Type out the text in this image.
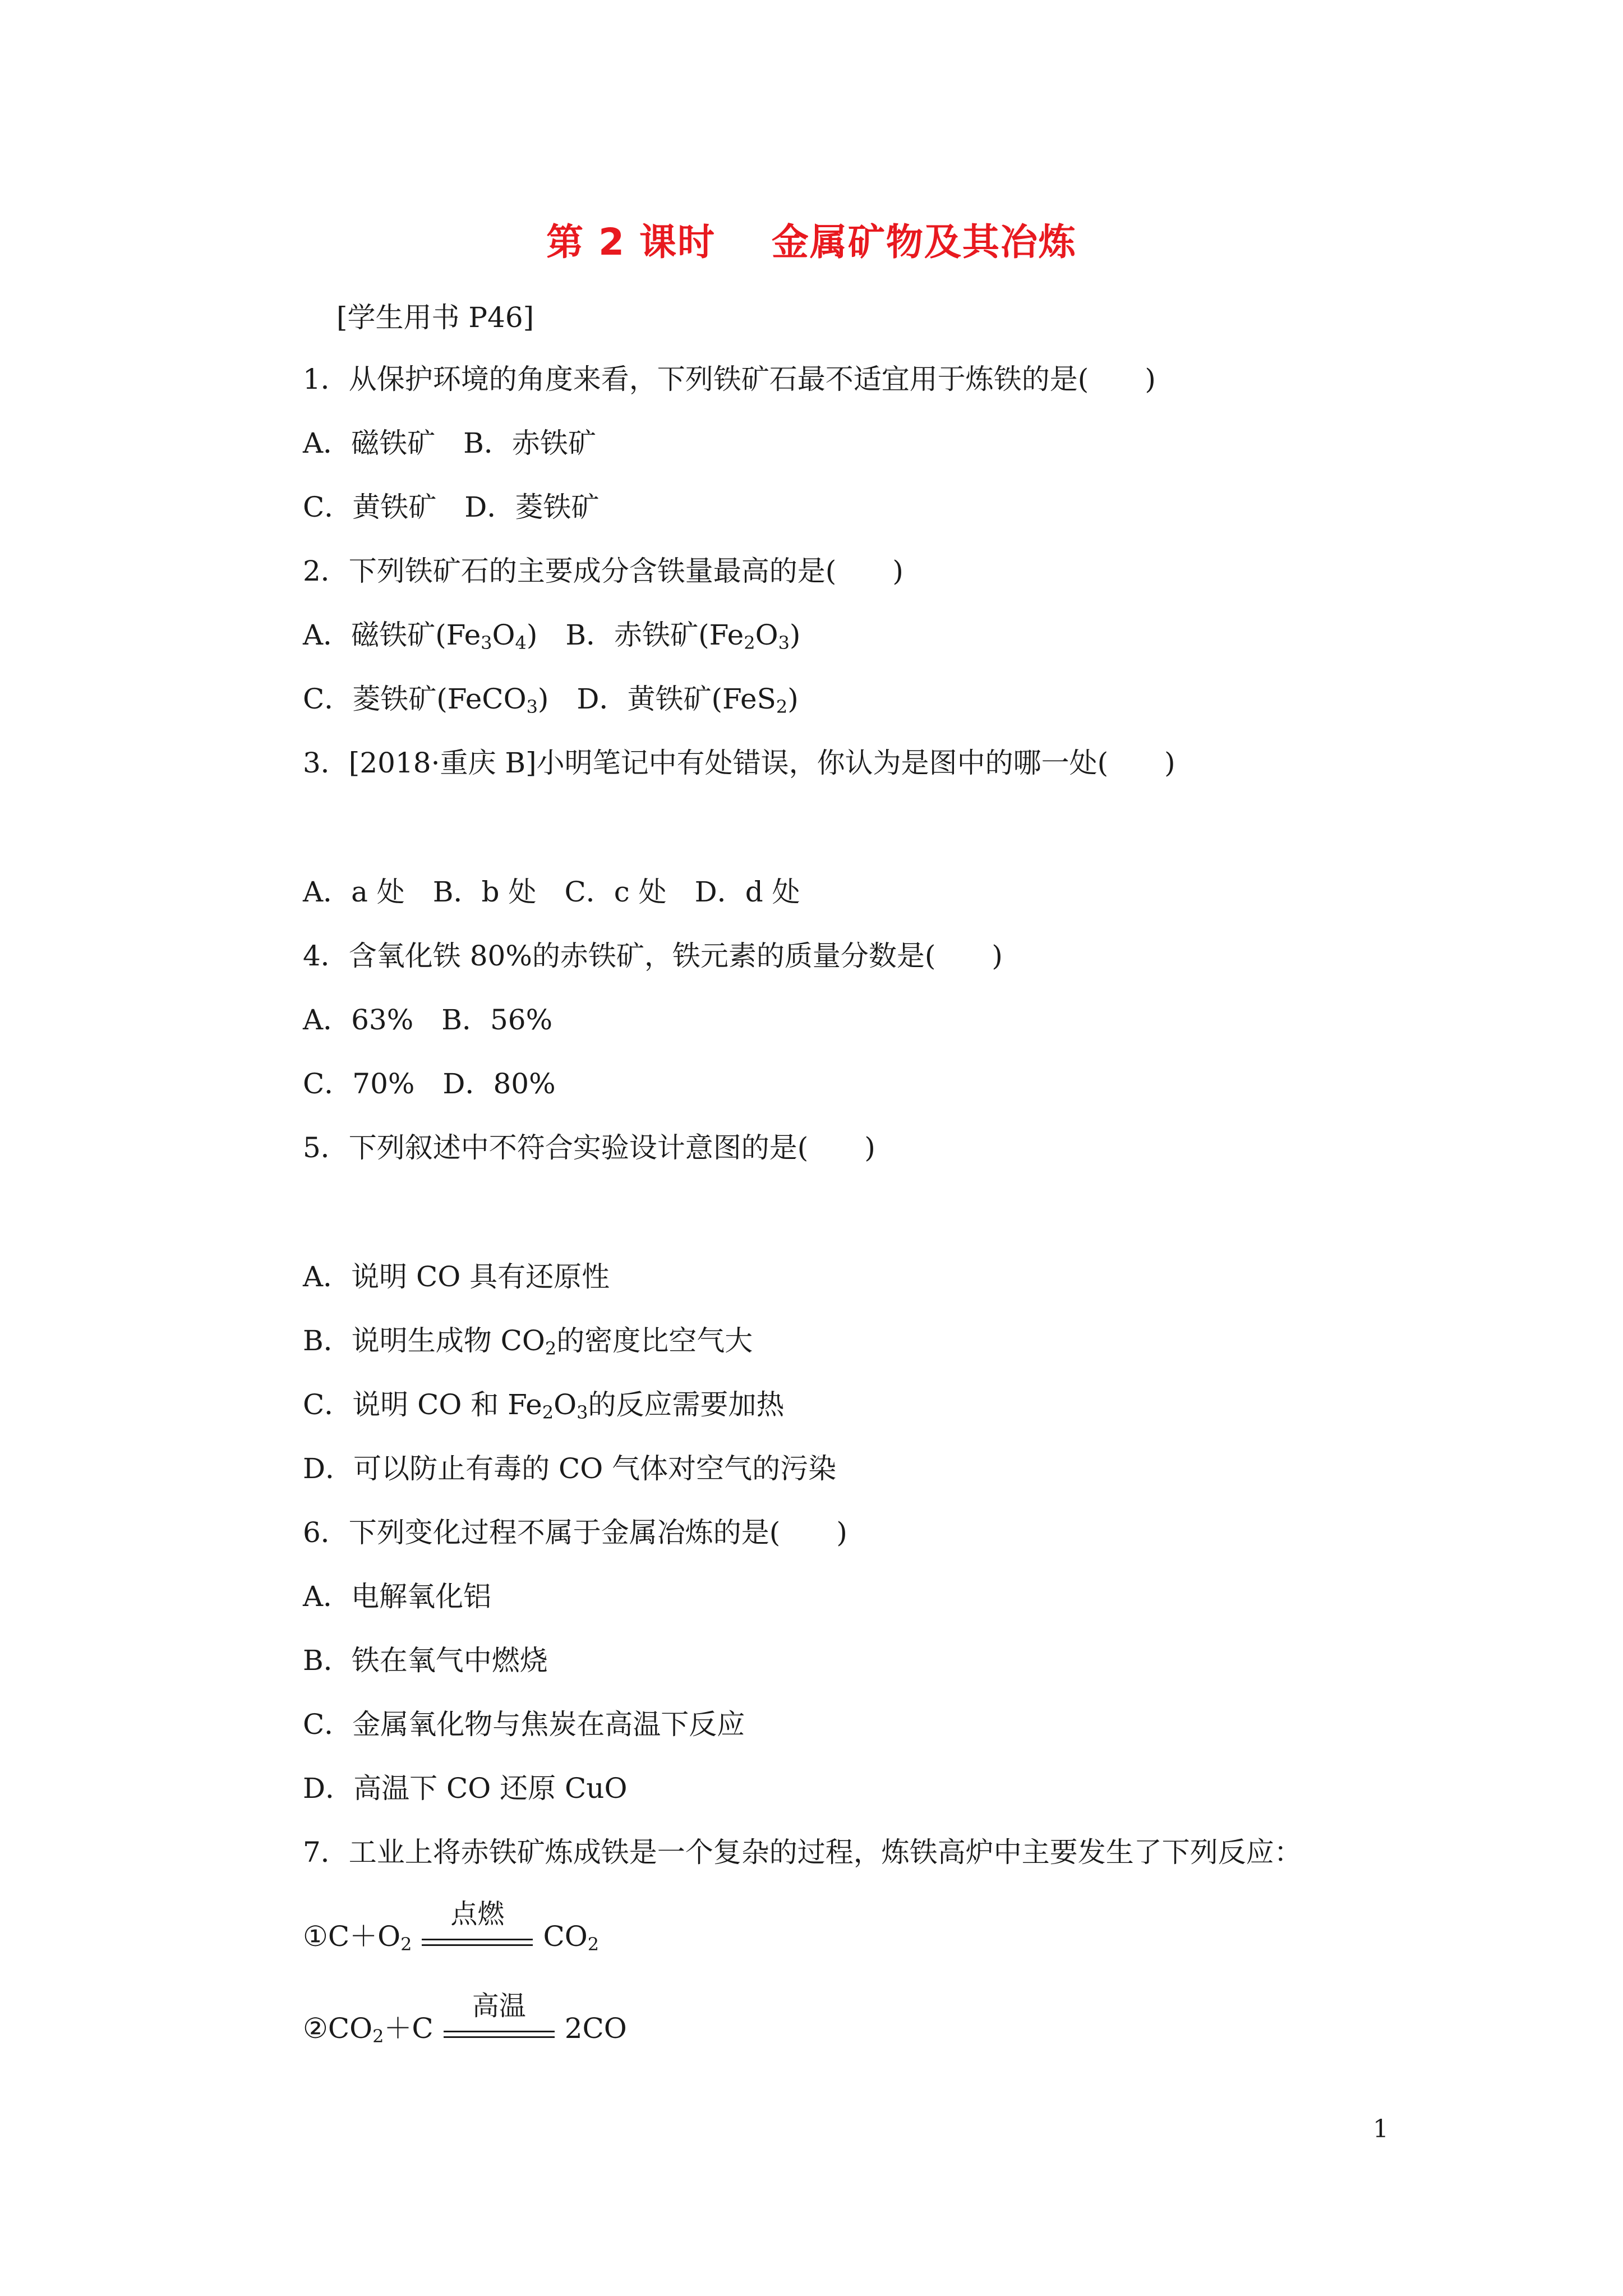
第 2 课时    金属矿物及其冶炼
[学生用书 P46]
1．从保护环境的角度来看，下列铁矿石最不适宜用于炼铁的是(　　)
A．磁铁矿　B．赤铁矿
C．黄铁矿　D．菱铁矿
2．下列铁矿石的主要成分含铁量最高的是(　　)
A．磁铁矿$(Fe_3O_4)$　B．赤铁矿$(Fe_2O_3)$
C．菱铁矿(FeCO$_3$)　D．黄铁矿(FeS$_2$)
3．[2018·重庆 B]小明笔记中有处错误，你认为是图中的哪一处(　　)
A．a 处　B．b 处　C．c 处　D．d 处
4．含氧化铁 80%的赤铁矿，铁元素的质量分数是(　　)
A．63%　B．56%
C．70%　D．80%
5．下列叙述中不符合实验设计意图的是(　　)
A．说明 CO 具有还原性
B．说明生成物 $CO_2$的密度比空气大
C．说明 CO 和 $Fe_2O_3$的反应需要加热
D．可以防止有毒的 CO 气体对空气的污染
6．下列变化过程不属于金属冶炼的是(　　)
A．电解氧化铝
B．铁在氧气中燃烧
C．金属氧化物与焦炭在高温下反应
D．高温下 CO 还原 CuO
7．工业上将赤铁矿炼成铁是一个复杂的过程，炼铁高炉中主要发生了下列反应：
$①C+O_2$
点燃
$CO_2$
$②CO_2+C$
高温
2CO
1
